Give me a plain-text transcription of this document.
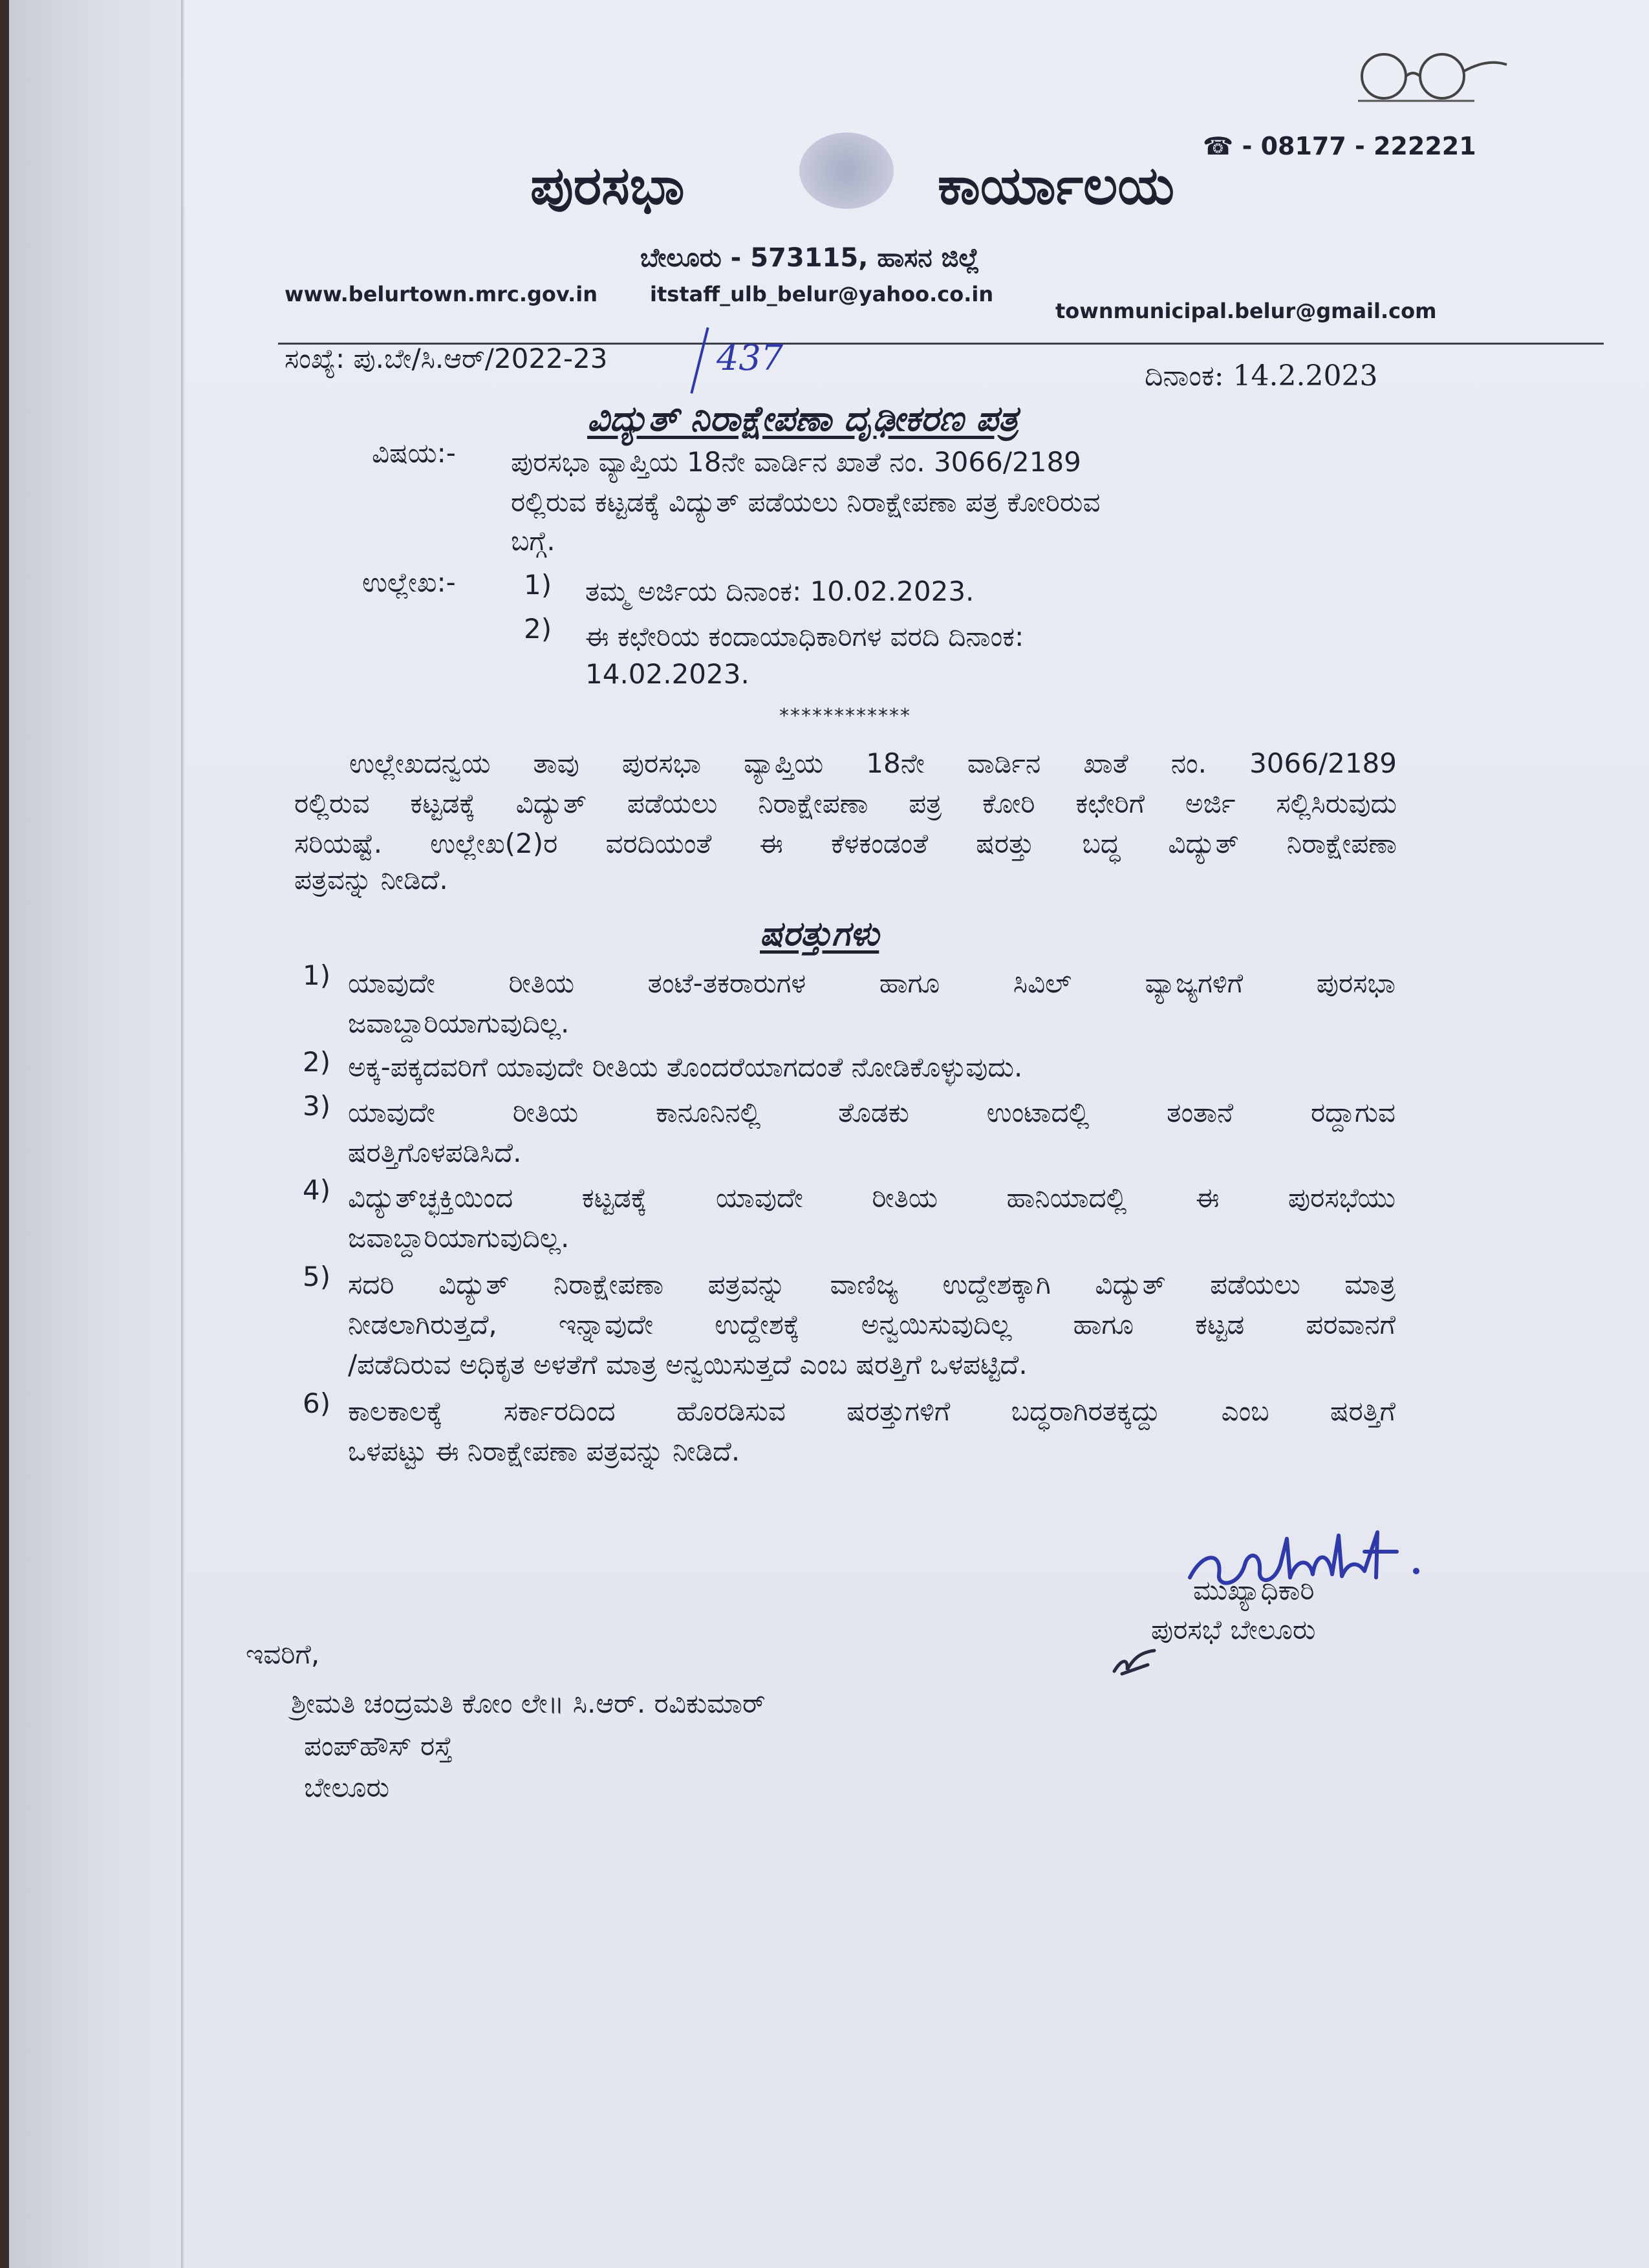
☎ - 08177 - 222221
ಪುರಸಭಾ	ಕಾರ್ಯಾಲಯ
ಬೇಲೂರು - 573115, ಹಾಸನ ಜಿಲ್ಲೆ
www.belurtown.mrc.gov.in	itstaff_ulb_belur@yahoo.co.in
townmunicipal.belur@gmail.com
ಸಂಖ್ಯೆ: ಪು.ಬೇ/ಸಿ.ಆರ್/2022-23	437	ದಿನಾಂಕ: 14.2.2023
ವಿದ್ಯುತ್ ನಿರಾಕ್ಷೇಪಣಾ ದೃಢೀಕರಣ ಪತ್ರ
ವಿಷಯ:- ಪುರಸಭಾ ವ್ಯಾಪ್ತಿಯ 18ನೇ ವಾರ್ಡಿನ ಖಾತೆ ನಂ. 3066/2189
ರಲ್ಲಿರುವ ಕಟ್ಟಡಕ್ಕೆ ವಿದ್ಯುತ್ ಪಡೆಯಲು ನಿರಾಕ್ಷೇಪಣಾ ಪತ್ರ ಕೋರಿರುವ
ಬಗ್ಗೆ.
ಉಲ್ಲೇಖ:-	1) ತಮ್ಮ ಅರ್ಜಿಯ ದಿನಾಂಕ: 10.02.2023.
2) ಈ ಕಛೇರಿಯ ಕಂದಾಯಾಧಿಕಾರಿಗಳ ವರದಿ ದಿನಾಂಕ:
14.02.2023.
************
ಉಲ್ಲೇಖದನ್ವಯ ತಾವು ಪುರಸಭಾ ವ್ಯಾಪ್ತಿಯ 18ನೇ ವಾರ್ಡಿನ ಖಾತೆ ನಂ. 3066/2189
ರಲ್ಲಿರುವ ಕಟ್ಟಡಕ್ಕೆ ವಿದ್ಯುತ್ ಪಡೆಯಲು ನಿರಾಕ್ಷೇಪಣಾ ಪತ್ರ ಕೋರಿ ಕಛೇರಿಗೆ ಅರ್ಜಿ ಸಲ್ಲಿಸಿರುವುದು
ಸರಿಯಷ್ಟೆ. ಉಲ್ಲೇಖ(2)ರ ವರದಿಯಂತೆ ಈ ಕೆಳಕಂಡಂತೆ ಷರತ್ತು ಬದ್ಧ ವಿದ್ಯುತ್ ನಿರಾಕ್ಷೇಪಣಾ
ಪತ್ರವನ್ನು ನೀಡಿದೆ.
ಷರತ್ತುಗಳು
1) ಯಾವುದೇ ರೀತಿಯ ತಂಟೆ-ತಕರಾರುಗಳ ಹಾಗೂ ಸಿವಿಲ್ ವ್ಯಾಜ್ಯಗಳಿಗೆ ಪುರಸಭಾ
ಜವಾಬ್ದಾರಿಯಾಗುವುದಿಲ್ಲ.
2) ಅಕ್ಕ-ಪಕ್ಕದವರಿಗೆ ಯಾವುದೇ ರೀತಿಯ ತೊಂದರೆಯಾಗದಂತೆ ನೋಡಿಕೊಳ್ಳುವುದು.
3) ಯಾವುದೇ ರೀತಿಯ ಕಾನೂನಿನಲ್ಲಿ ತೊಡಕು ಉಂಟಾದಲ್ಲಿ ತಂತಾನೆ ರದ್ದಾಗುವ
ಷರತ್ತಿಗೊಳಪಡಿಸಿದೆ.
4) ವಿದ್ಯುತ್‌ಚ್ಛಕ್ತಿಯಿಂದ ಕಟ್ಟಡಕ್ಕೆ ಯಾವುದೇ ರೀತಿಯ ಹಾನಿಯಾದಲ್ಲಿ ಈ ಪುರಸಭೆಯು
ಜವಾಬ್ದಾರಿಯಾಗುವುದಿಲ್ಲ.
5) ಸದರಿ ವಿದ್ಯುತ್ ನಿರಾಕ್ಷೇಪಣಾ ಪತ್ರವನ್ನು ವಾಣಿಜ್ಯ ಉದ್ದೇಶಕ್ಕಾಗಿ ವಿದ್ಯುತ್ ಪಡೆಯಲು ಮಾತ್ರ
ನೀಡಲಾಗಿರುತ್ತದೆ, ಇನ್ನಾವುದೇ ಉದ್ದೇಶಕ್ಕೆ ಅನ್ವಯಿಸುವುದಿಲ್ಲ ಹಾಗೂ ಕಟ್ಟಡ ಪರವಾನಗೆ
/ಪಡೆದಿರುವ ಅಧಿಕೃತ ಅಳತೆಗೆ ಮಾತ್ರ ಅನ್ವಯಿಸುತ್ತದೆ ಎಂಬ ಷರತ್ತಿಗೆ ಒಳಪಟ್ಟಿದೆ.
6) ಕಾಲಕಾಲಕ್ಕೆ ಸರ್ಕಾರದಿಂದ ಹೊರಡಿಸುವ ಷರತ್ತುಗಳಿಗೆ ಬದ್ಧರಾಗಿರತಕ್ಕದ್ದು ಎಂಬ ಷರತ್ತಿಗೆ
ಒಳಪಟ್ಟು ಈ ನಿರಾಕ್ಷೇಪಣಾ ಪತ್ರವನ್ನು ನೀಡಿದೆ.
ಮುಖ್ಯಾಧಿಕಾರಿ
ಪುರಸಭೆ ಬೇಲೂರು
ಇವರಿಗೆ,
ಶ್ರೀಮತಿ ಚಂದ್ರಮತಿ ಕೋಂ ಲೇ॥ ಸಿ.ಆರ್. ರವಿಕುಮಾರ್
ಪಂಪ್‌ಹೌಸ್ ರಸ್ತೆ
ಬೇಲೂರು
